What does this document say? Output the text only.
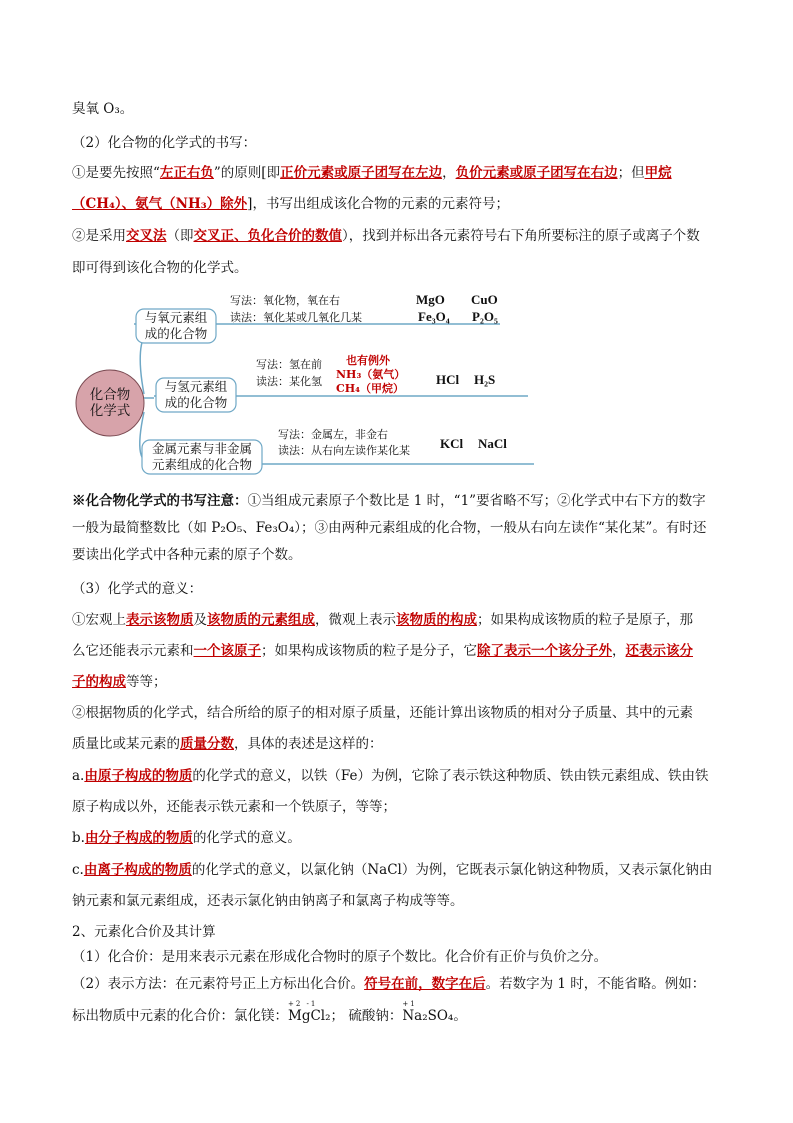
臭氧 O₃。
（2）化合物的化学式的书写：
①是要先按照“左正右负”的原则[即正价元素或原子团写在左边，负价元素或原子团写在右边；但甲烷
（CH₄）、氨气（NH₃）除外]，书写出组成该化合物的元素的元素符号；
②是采用交叉法（即交叉正、负化合价的数值），找到并标出各元素符号右下角所要标注的原子或离子个数
即可得到该化合物的化学式。
化合物
化学式
与氧元素组
成的化合物
写法：氧化物，氧在右
读法：氧化某或几氧化几某
MgO CuO
Fe₃O₄ P₂O₅
与氢元素组
成的化合物
写法：氢在前
读法：某化氢
也有例外
NH₃（氨气）
CH₄（甲烷）
HCl H₂S
金属元素与非金属
元素组成的化合物
写法：金属左，非金右
读法：从右向左读作某化某 KCl NaCl
※化合物化学式的书写注意：①当组成元素原子个数比是 1 时，“1”要省略不写；②化学式中右下方的数字
一般为最简整数比（如 P₂O₅、Fe₃O₄）；③由两种元素组成的化合物，一般从右向左读作“某化某”。有时还
要读出化学式中各种元素的原子个数。
（3）化学式的意义：
①宏观上表示该物质及该物质的元素组成，微观上表示该物质的构成；如果构成该物质的粒子是原子，那
么它还能表示元素和一个该原子；如果构成该物质的粒子是分子，它除了表示一个该分子外，还表示该分
子的构成等等；
②根据物质的化学式，结合所给的原子的相对原子质量，还能计算出该物质的相对分子质量、其中的元素
质量比或某元素的质量分数，具体的表述是这样的：
a.由原子构成的物质的化学式的意义，以铁（Fe）为例，它除了表示铁这种物质、铁由铁元素组成、铁由铁
原子构成以外，还能表示铁元素和一个铁原子，等等；
b.由分子构成的物质的化学式的意义。
c.由离子构成的物质的化学式的意义，以氯化钠（NaCl）为例，它既表示氯化钠这种物质，又表示氯化钠由
钠元素和氯元素组成，还表示氯化钠由钠离子和氯离子构成等等。
2、元素化合价及其计算
（1）化合价：是用来表示元素在形成化合物时的原子个数比。化合价有正价与负价之分。
（2）表示方法：在元素符号正上方标出化合价。符号在前，数字在后。若数字为 1 时，不能省略。例如：
标出物质中元素的化合价：氯化镁：
+2 -1
MgCl₂； 硫酸钠：
+1
Na₂SO₄。
